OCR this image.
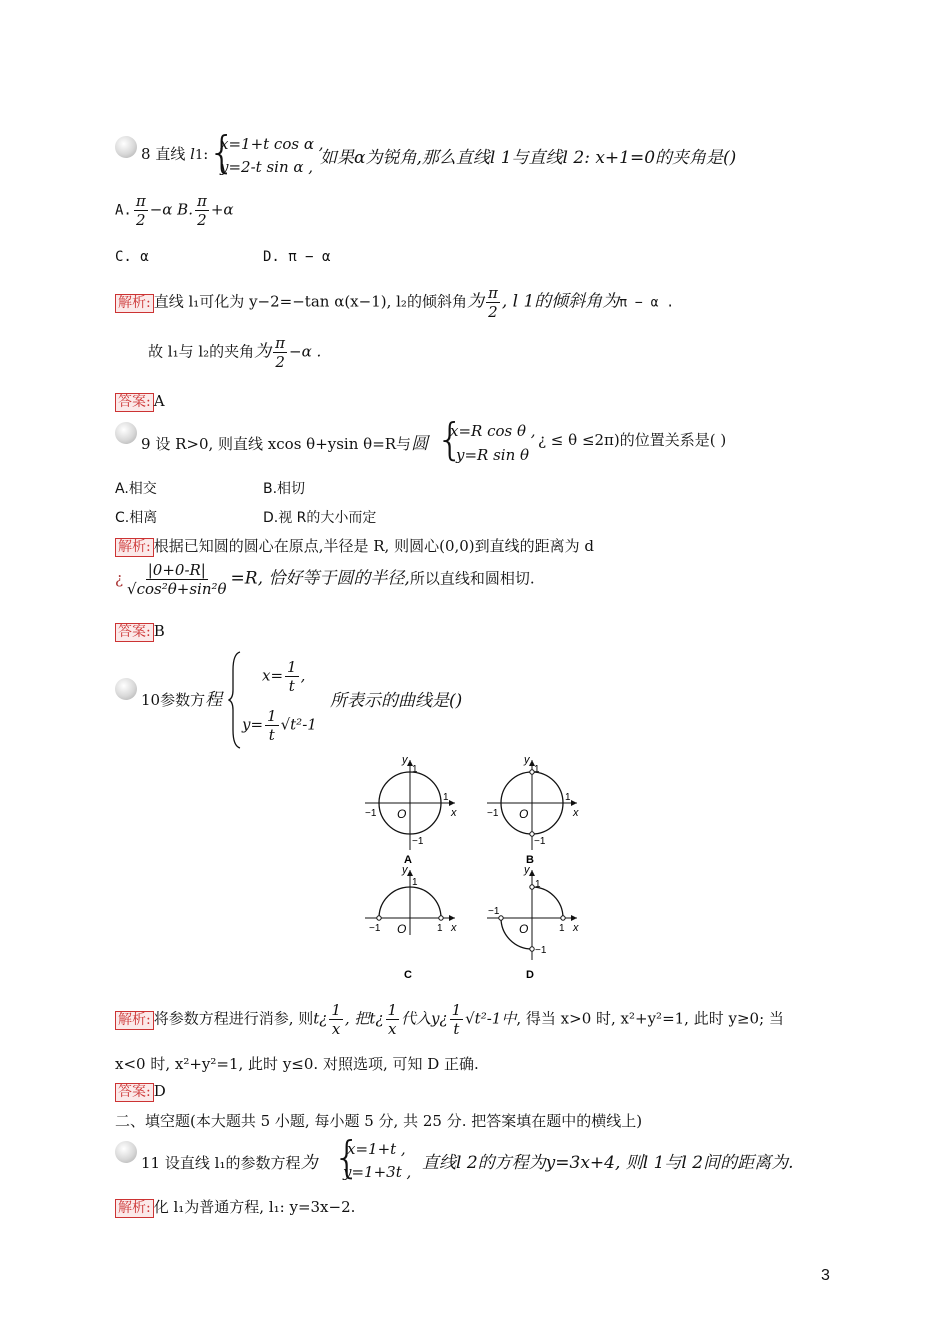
8 直线 l1: {
x=1+t cos α ,
y=2-t sin α , 如果α为锐角,那么直线l 1与直线l 2: x+1=0的夹角是()
A. $\frac{\pi}{2} -\alpha$ B. $\frac{\pi}{2} +\alpha$
C. α	D. π − α
解析: 直线 l₁可化为 y−2=−tan α(x−1), l₂的倾斜角为 $\frac{\pi}{2}$ , l 1的倾斜角为π − α .
故 l₁与 l₂的夹角为 $\frac{\pi}{2} -\alpha$ .
答案: A
9 设 R>0, 则直线 xcos θ+ysin θ=R与圆 {
x=R cos θ ,
y=R sin θ
¿ ≤ θ ≤2π)的位置关系是( )
A.相交	B.相切
C.相离	D.视 R的大小而定
解析: 根据已知圆的圆心在原点,半径是 R, 则圆心(0,0)到直线的距离为 d
¿ $\frac{|0+0-R|}{\text{√cos²θ+sin²θ}} =R$, 恰好等于圆的半径,所以直线和圆相切.
答案: B
10参数方程
$x= \frac{1}{t}$ ,
$y= \frac{1}{t} √t^2-1$
所表示的曲线是()
y
x
O
1
1
−1
−1
A
y
x
O
1
1
−1
−1
B
y
x
O
1
1
−1
C
y
x
O
1
1
−1
−1
D
解析: 将参数方程进行消参, 则t¿ $\frac{1}{x}$ , 把t¿ $\frac{1}{x}$ 代入y¿ $\frac{1}{t} √t^2-1$中, 得当 x>0 时, x²+y²=1, 此时 y≥0; 当
x<0 时, x²+y²=1, 此时 y≤0. 对照选项, 可知 D 正确.
答案: D
二、填空题(本大题共 5 小题, 每小题 5 分, 共 25 分. 把答案填在题中的横线上)
11 设直线 l₁的参数方程为 {
x=1+t ,
y=1+3t , 直线l 2的方程为y=3x+4, 则l 1与l 2间的距离为.
解析: 化 l₁为普通方程, l₁: y=3x−2.
3
